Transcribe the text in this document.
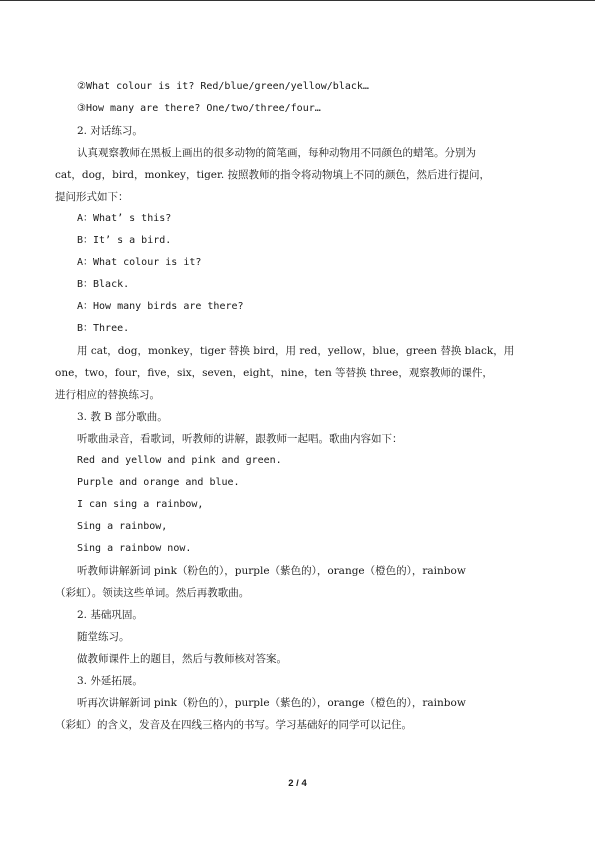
②What colour is it? Red/blue/green/yellow/black…
③How many are there? One/two/three/four…
2. 对话练习。
认真观察教师在黑板上画出的很多动物的简笔画，每种动物用不同颜色的蜡笔。分别为
cat，dog，bird，monkey，tiger. 按照教师的指令将动物填上不同的颜色，然后进行提问，
提问形式如下：
A：What’ s this?
B：It’ s a bird.
A：What colour is it?
B：Black.
A：How many birds are there?
B：Three.
用 cat，dog，monkey，tiger 替换 bird，用 red，yellow，blue，green 替换 black，用
one，two，four，five，six，seven，eight，nine，ten 等替换 three，观察教师的课件，
进行相应的替换练习。
3. 教 B 部分歌曲。
听歌曲录音，看歌词，听教师的讲解，跟教师一起唱。歌曲内容如下：
Red and yellow and pink and green.
Purple and orange and blue.
I can sing a rainbow,
Sing a rainbow,
Sing a rainbow now.
听教师讲解新词 pink（粉色的），purple（紫色的），orange（橙色的），rainbow
（彩虹）。领读这些单词。然后再教歌曲。
2. 基础巩固。
随堂练习。
做教师课件上的题目，然后与教师核对答案。
3. 外延拓展。
听再次讲解新词 pink（粉色的），purple（紫色的），orange（橙色的），rainbow
（彩虹）的含义，发音及在四线三格内的书写。学习基础好的同学可以记住。
2 / 4
